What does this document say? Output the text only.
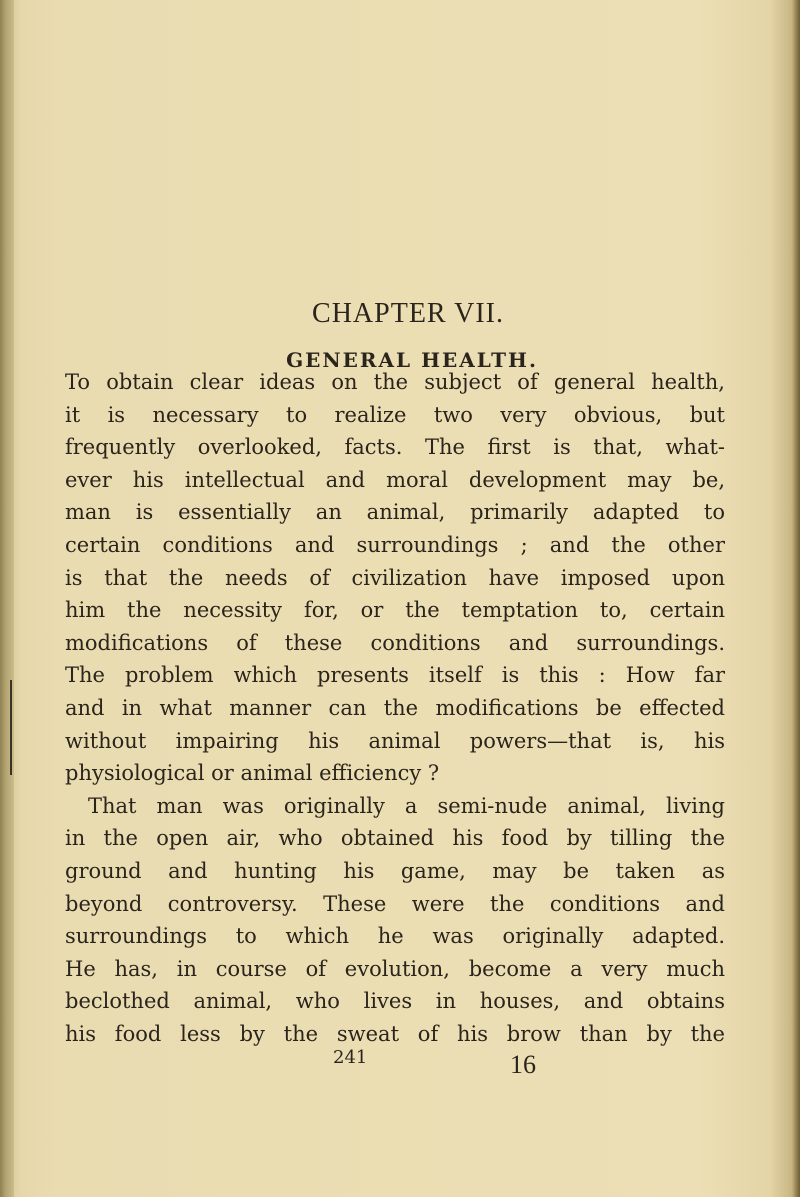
CHAPTER VII.
GENERAL HEALTH.
To obtain clear ideas on the subject of general health,
it is necessary to realize two very obvious, but
frequently overlooked, facts. The first is that, what-
ever his intellectual and moral development may be,
man is essentially an animal, primarily adapted to
certain conditions and surroundings ; and the other
is that the needs of civilization have imposed upon
him the necessity for, or the temptation to, certain
modifications of these conditions and surroundings.
The problem which presents itself is this : How far
and in what manner can the modifications be effected
without impairing his animal powers—that is, his
physiological or animal efficiency ?
That man was originally a semi-nude animal, living
in the open air, who obtained his food by tilling the
ground and hunting his game, may be taken as
beyond controversy. These were the conditions and
surroundings to which he was originally adapted.
He has, in course of evolution, become a very much
beclothed animal, who lives in houses, and obtains
his food less by the sweat of his brow than by the
241	16
